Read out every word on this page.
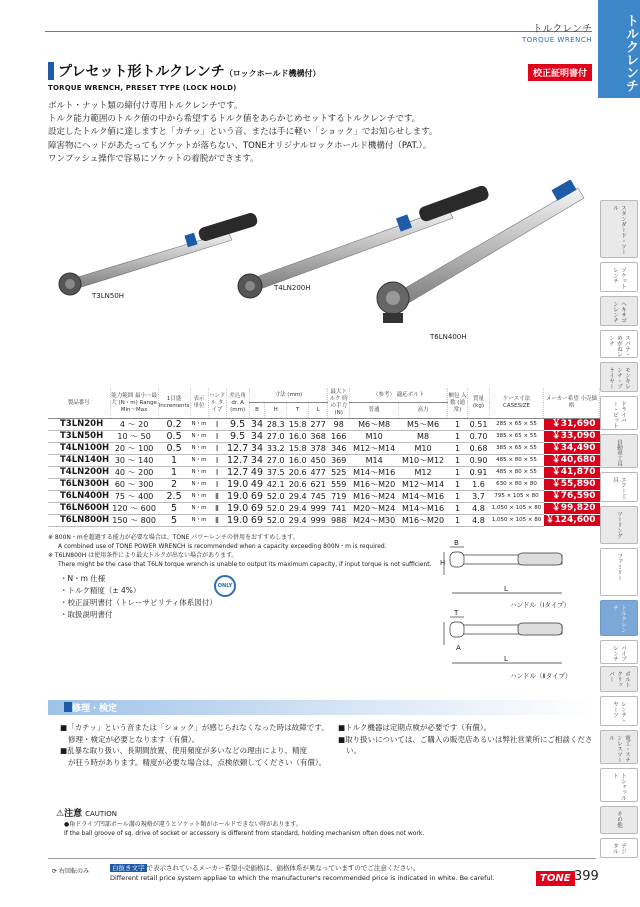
トルクレンチ
スタンダード・ツール
ソケットレンチ
ヘキサゴンレンチ
スパナ・めがねレンチ
モンキレンチ・プライヤー
ドライバー・ビット
自動車工具
エアー工具
ツーリング
ファミリー
トルクレンチ
パイプレンチ
ボルトクリッパー
レンチ・ヤーツ
電工・ステンレスツール
トシャッルト
その他
デジタル
トルクレンチ
TORQUE WRENCH
プレセット形トルクレンチ（ロックホールド機構付）	校正証明書付
TORQUE WRENCH, PRESET TYPE (LOCK HOLD)
ボルト・ナット類の締付け専用トルクレンチです。
トルク能力範囲のトルク値の中から希望するトルク値をあらかじめセットするトルクレンチです。
設定したトルク値に達しますと「カチッ」という音、または手に軽い「ショック」でお知らせします。
障害物にヘッドがあたってもソケットが落ちない、TONEオリジナルロックホールド機構付（PAT.）。
ワンプッシュ操作で容易にソケットの着脱ができます。
T3LN50H
T4LN200H
T6LN400H
製品番号	能力範囲 最小～最大 (N・m) Range Min～Max	1目盛 Increments	表示 単位	ハンドル タイプ	差込角 dr. A (mm)	寸法 (mm)				最大トルク 時の手力 (N)	（参考） 適応ボルト		梱包 入数 (通常)	質量 (kg)	ケース寸法 CASESIZE	メーカー希望 小売価格
						B	H	T	L		普通	高力				
T3LN20H	4 ～ 20	0.2	N・m	Ⅰ	9.5	34	28.3	15.8	277	98	M6～M8	M5～M6	1	0.51	285 × 65 × 55	￥31,690
T3LN50H	10 ～ 50	0.5	N・m	Ⅰ	9.5	34	27.0	16.0	368	166	M10	M8	1	0.70	385 × 65 × 55	￥33,090
T4LN100H	20 ～ 100	0.5	N・m	Ⅰ	12.7	34	33.2	15.8	378	346	M12～M14	M10	1	0.68	385 × 65 × 55	￥34,490
T4LN140H	30 ～ 140	1	N・m	Ⅰ	12.7	34	27.0	16.0	450	369	M14	M10～M12	1	0.90	485 × 80 × 55	￥40,680
T4LN200H	40 ～ 200	1	N・m	Ⅰ	12.7	49	37.5	20.6	477	525	M14～M16	M12	1	0.91	485 × 80 × 55	￥41,870
T6LN300H	60 ～ 300	2	N・m	Ⅰ	19.0	49	42.1	20.6	621	559	M16～M20	M12～M14	1	1.6	630 × 80 × 80	￥55,890
T6LN400H	75 ～ 400	2.5	N・m	Ⅱ	19.0	69	52.0	29.4	745	719	M16～M24	M14～M16	1	3.7	795 × 105 × 80	￥76,590
T6LN600H	120 ～ 600	5	N・m	Ⅱ	19.0	69	52.0	29.4	999	741	M20～M24	M14～M16	1	4.8	1,050 × 105 × 80	￥99,820
T6LN800H	150 ～ 800	5	N・m	Ⅱ	19.0	69	52.0	29.4	999	988	M24～M30	M16～M20	1	4.8	1,050 × 105 × 80	￥124,600
※ 800N・mを超過する能力が必要な場合は、TONE パワーレンチの併用をおすすめします。
A combined use of TONE POWER WRENCH is recommended when a capacity exceeding 800N・m is required.
※ T6LN800H は使用条件により最大トルクが出ない場合があります。
There might be the case that T6LN torque wrench is unable to output its maximum capacity, if input torque is not sufficient.
・N・m 仕様
・トルク精度（± 4%）
・校正証明書付（トレーサビリティ体系図付）
・取扱説明書付
ONLY
B
H
L
T
A
L
ハンドル（Ⅰタイプ）
ハンドル（Ⅱタイプ）
修理・検定
■「カチッ」という音または「ショック」が感じられなくなった時は故障です。
修理・検定が必要となります（有償）。
■乱暴な取り扱い、長期間放置、使用頻度が多いなどの理由により、精度
が狂う時があります。精度が必要な場合は、点検依頼してください（有償）。
■トルク機器は定期点検が必要です（有償）。
■取り扱いについては、ご購入の販売店あるいは弊社営業所にご相談くださ
い。
⚠注意 CAUTION
●角ドライブ凹部ボール溝の規格が違うとソケット類がホールドできない時があります。
If the ball groove of sq. drive of socket or accessory is different from standard, holding mechanism often does not work.
⟳ 右回転のみ	白抜き文字 で表示されているメーカー希望小売価格は、価格体系が異なっていますのでご注意ください。
Different retail price system appliae to which the manufacturer's recommended price is indicated in white. Be careful.	TONE 399
